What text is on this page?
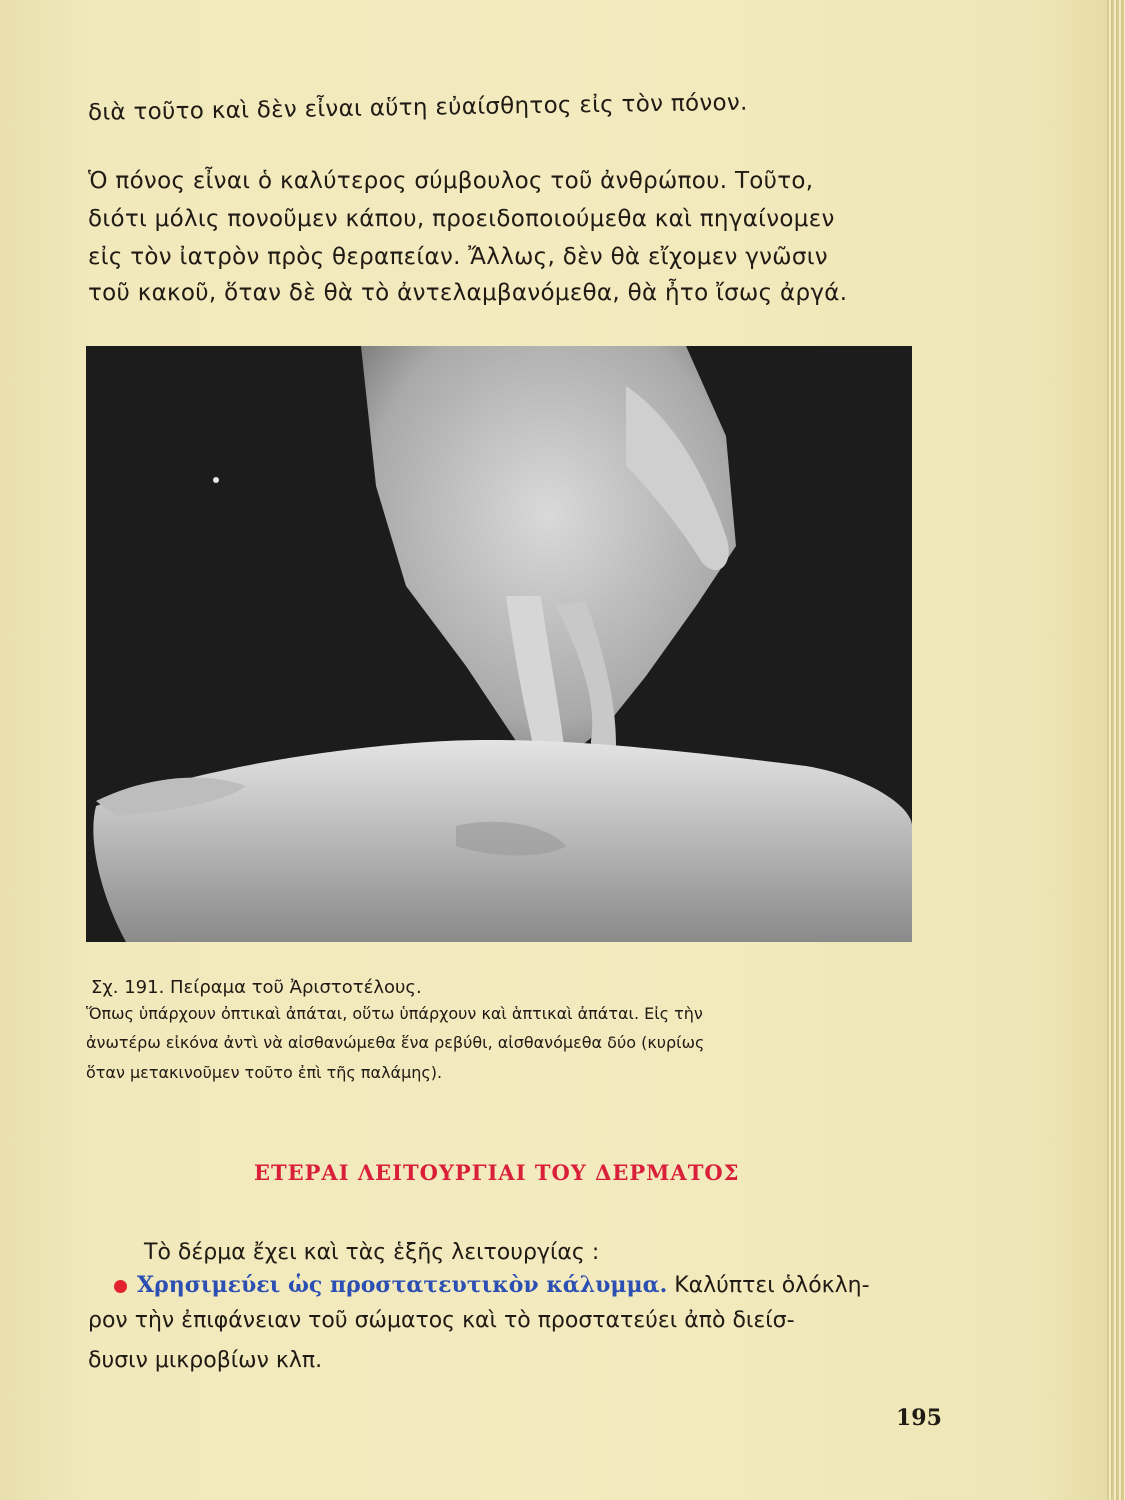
διὰ τοῦτο καὶ δὲν εἶναι αὕτη εὐαίσθητος εἰς τὸν πόνον.
Ὁ πόνος εἶναι ὁ καλύτερος σύμβουλος τοῦ ἀνθρώπου. Τοῦτο,
διότι μόλις πονοῦμεν κάπου, προειδοποιούμεθα καὶ πηγαίνομεν
εἰς τὸν ἰατρὸν πρὸς θεραπείαν. Ἄλλως, δὲν θὰ εἴχομεν γνῶσιν
τοῦ κακοῦ, ὅταν δὲ θὰ τὸ ἀντελαμβανόμεθα, θὰ ἦτο ἴσως ἀργά.
Σχ. 191. Πείραμα τοῦ Ἀριστοτέλους.
Ὅπως ὑπάρχουν ὀπτικαὶ ἀπάται, οὕτω ὑπάρχουν καὶ ἁπτικαὶ ἀπάται. Εἰς τὴν
ἀνωτέρω εἰκόνα ἀντὶ νὰ αἰσθανώμεθα ἕνα ρεβύθι, αἰσθανόμεθα δύο (κυρίως
ὅταν μετακινοῦμεν τοῦτο ἐπὶ τῆς παλάμης).
ΕΤΕΡΑΙ ΛΕΙΤΟΥΡΓΙΑΙ ΤΟΥ ΔΕΡΜΑΤΟΣ
Τὸ δέρμα ἔχει καὶ τὰς ἑξῆς λειτουργίας :
Χρησιμεύει ὡς προστατευτικὸν κάλυμμα. Καλύπτει ὁλόκλη-
ρον τὴν ἐπιφάνειαν τοῦ σώματος καὶ τὸ προστατεύει ἀπὸ διείσ-
δυσιν μικροβίων κλπ.
195
